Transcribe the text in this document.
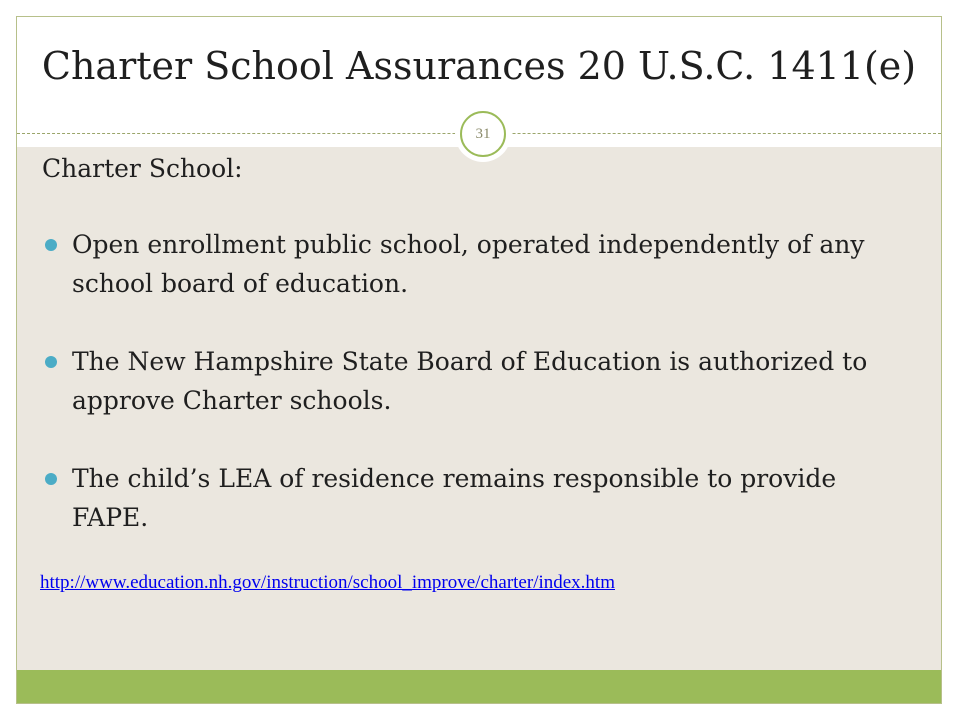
Charter School Assurances 20 U.S.C. 1411(e)
31
Charter School:
Open enrollment public school, operated independently of any school board of education.
The New Hampshire State Board of Education is authorized to approve Charter schools.
The child’s LEA of residence remains responsible to provide FAPE.
http://www.education.nh.gov/instruction/school_improve/charter/index.htm
